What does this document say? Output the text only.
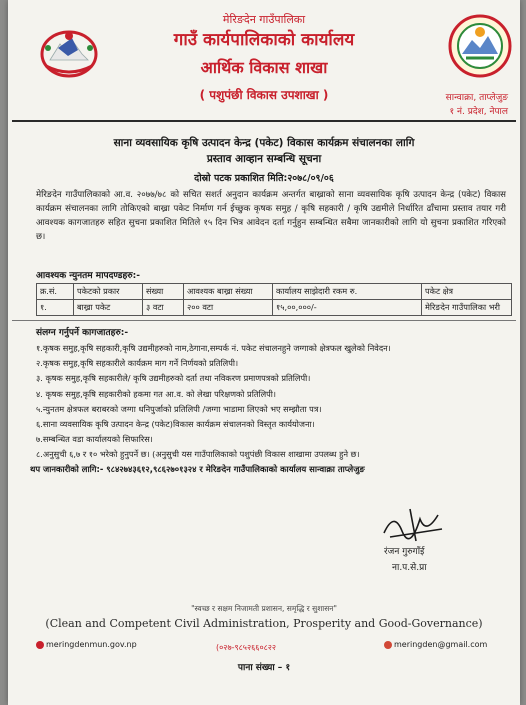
मेरिङदेन गाउँपालिका
गाउँ कार्यपालिकाको कार्यालय
आर्थिक विकास शाखा
( पशुपंछी विकास उपशाखा )	सान्वाक्रा, ताप्लेजुङ
१ नं. प्रदेश, नेपाल
साना व्यवसायिक कृषि उत्पादन केन्द्र (पकेट) विकास कार्यक्रम संचालनका लागि
प्रस्ताव आव्हान सम्बन्धि सूचना
दोस्रो पटक प्रकाशित मिति:२०७८/०९/०६
मेरिङदेन गाउँपालिकाको आ.व. २०७७/७८ को सचित सशर्त अनुदान कार्यक्रम अन्तर्गत बाख्राको साना व्यवसायिक कृषि उत्पादन केन्द्र (पकेट) विकास कार्यक्रम संचालनका लागि तोकिएको बाख्रा पकेट निर्माण गर्न ईच्छुक कृषक समुह / कृषि सहकारी / कृषि उद्यमीले निर्धारित ढाँचामा प्रस्ताव तयार गरी आवश्यक कागजातहरु सहित सुचना प्रकाशित मितिले १५ दिन भित्र आवेदन दर्ता गर्नुहुन सम्बन्धित सबैमा जानकारीको लागि यो सुचना प्रकाशित गरिएको छ।
आवश्यक न्युनतम मापदण्डहरु:-
क्र.सं.	पकेटको प्रकार	संख्या	आवश्यक बाख्रा संख्या	कार्यालय साझेदारी रकम रु.	पकेट क्षेत्र
१.	बाख्रा पकेट	३ वटा	२०० वटा	१५,००,०००/-	मेरिङदेन गाउँपालिका भरी
संलग्न गर्नुपर्ने कागजातहरु:-
१.कृषक समुह,कृषि सहकारी,कृषि उद्यमीहरुको नाम,ठेगाना,सम्पर्क नं. पकेट संचालनहुने जग्गाको क्षेत्रफल खुलेको निवेदन।
२.कृषक समुह,कृषि सहकारीले कार्यक्रम माग गर्ने निर्णयको प्रतिलिपी।
३. कृषक समुह,कृषि सहकारीले/ कृषि उद्यमीहरुको दर्ता तथा नविकरण प्रमाणपत्रको प्रतिलिपी।
४. कृषक समुह,कृषि सहकारीको हकमा गत आ.व. को लेखा परिक्षणको प्रतिलिपी।
५.न्युनतम क्षेत्रफल बराबरको जग्गा धनिपुर्जाको प्रतिलिपी /जग्गा भाडामा लिएको भए सम्झौता पत्र।
६.साना व्यवसायिक कृषि उत्पादन केन्द्र (पकेट)विकास कार्यक्रम संचालनको विस्तृत कार्ययोजना।
७.सम्बन्धित वडा कार्यालयको सिफारिस।
८.अनुसुची ६,७ र १० भरेको हुनुपर्ने छ। (अनुसुची यस गाउँपालिकाको पशुपंछी विकास शाखामा उपलब्ध हुने छ।
थप जानकारीको लागि:- ९८४२७४३६१२,९८६२७०१३२४ र मेरिङदेन गाउँपालिकाको कार्यालय सान्वाक्रा ताप्लेजुङ
रंजन गुरुगाँई
ना.प.से.प्रा
"स्वच्छ र सक्षम निजामती प्रशासन, समृद्धि र सुशासन"
(Clean and Competent Civil Administration, Prosperity and Good-Governance)
meringdenmun.gov.np	(०२७-९८५२६६०८२२	meringden@gmail.com
पाना संख्या – १
